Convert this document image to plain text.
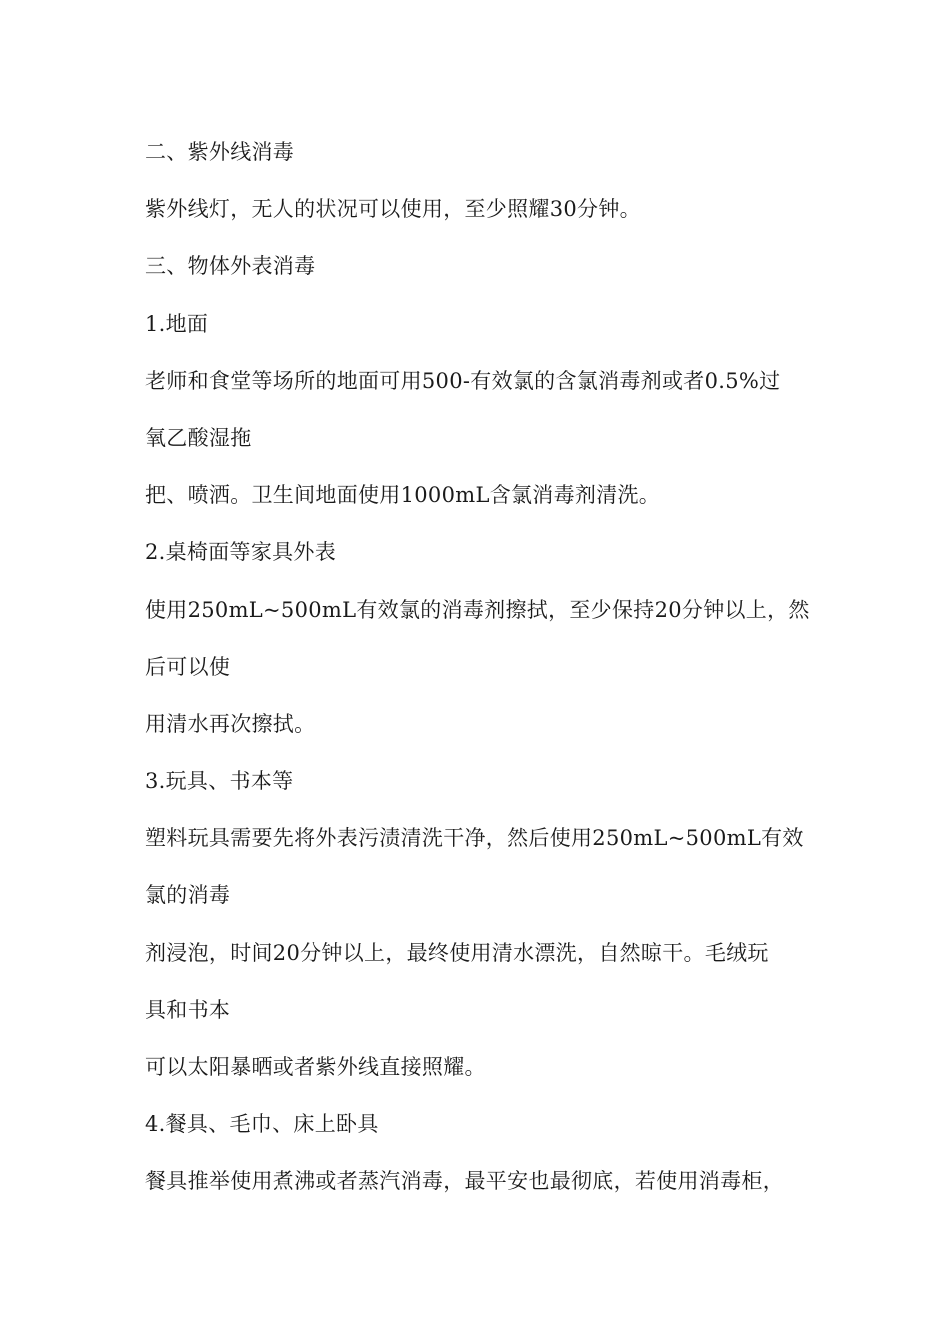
二、紫外线消毒
紫外线灯，无人的状况可以使用，至少照耀30分钟。
三、物体外表消毒
1.地面
老师和食堂等场所的地面可用500-有效氯的含氯消毒剂或者0.5%过
氧乙酸湿拖
把、喷洒。卫生间地面使用1000mL含氯消毒剂清洗。
2.桌椅面等家具外表
使用250mL~500mL有效氯的消毒剂擦拭，至少保持20分钟以上，然
后可以使
用清水再次擦拭。
3.玩具、书本等
塑料玩具需要先将外表污渍清洗干净，然后使用250mL~500mL有效
氯的消毒
剂浸泡，时间20分钟以上，最终使用清水漂洗，自然晾干。毛绒玩
具和书本
可以太阳暴晒或者紫外线直接照耀。
4.餐具、毛巾、床上卧具
餐具推举使用煮沸或者蒸汽消毒，最平安也最彻底，若使用消毒柜，
